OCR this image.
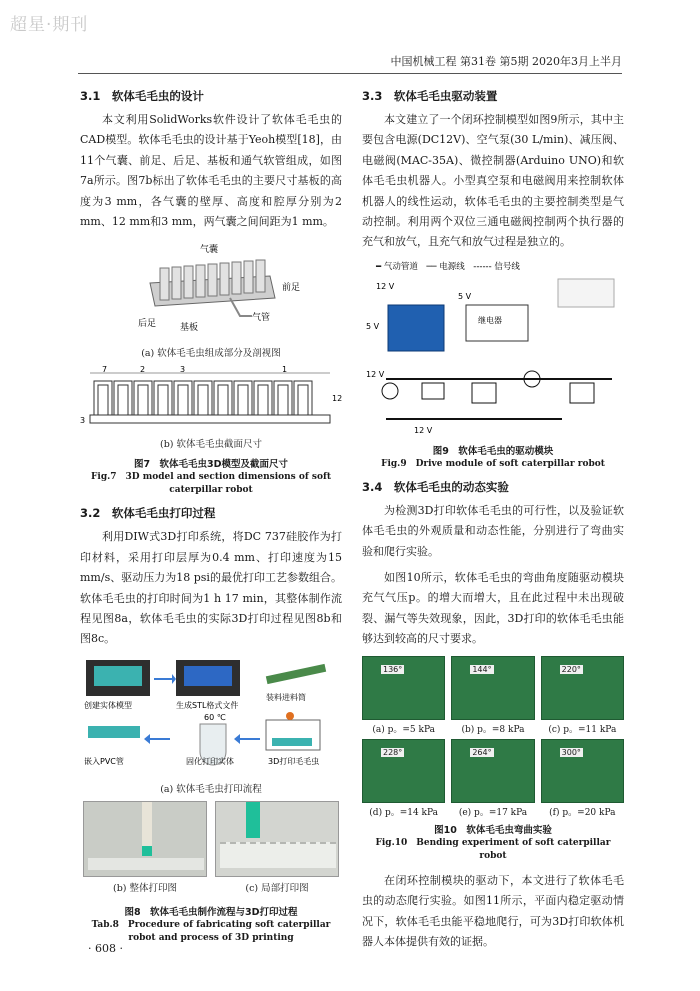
超星·期刊
中国机械工程 第31卷 第5期 2020年3月上半月
3.1　软体毛毛虫的设计

本文利用SolidWorks软件设计了软体毛毛虫的CAD模型。软体毛毛虫的设计基于Yeoh模型[18]，由11个气囊、前足、后足、基板和通气软管组成，如图7a所示。图7b标出了软体毛毛虫的主要尺寸基板的高度为3 mm，各气囊的壁厚、高度和腔厚分别为2 mm、12 mm和3 mm，两气囊之间间距为1 mm。

气囊
前足
后足	基板
气管
(a) 软体毛毛虫组成部分及剖视图
7	2	3	1
12
3
(b) 软体毛毛虫截面尺寸
图7　软体毛毛虫3D模型及截面尺寸
Fig.7　3D model and section dimensions of soft caterpillar robot
3.2　软体毛毛虫打印过程

利用DIW式3D打印系统，将DC 737硅胶作为打印材料，采用打印层厚为0.4 mm、打印速度为15 mm/s、驱动压力为18 psi的最优打印工艺参数组合。软体毛毛虫的打印时间为1 h 17 min，其整体制作流程见图8a，软体毛毛虫的实际3D打印过程见图8b和图8c。

创建实体模型	生成STL格式文件
装料进料筒
60 ℃
嵌入PVC管	固化打印实体	3D打印毛毛虫
(a) 软体毛毛虫打印流程
(b) 整体打印图	(c) 局部打印图
图8　软体毛毛虫制作流程与3D打印过程
Tab.8　Procedure of fabricating soft caterpillar robot and process of 3D printing
3.3　软体毛毛虫驱动装置

本文建立了一个闭环控制模型如图9所示，其中主要包含电源(DC12V)、空气泵(30 L/min)、减压阀、电磁阀(MAC-35A)、微控制器(Arduino UNO)和软体毛毛虫机器人。小型真空泵和电磁阀用来控制软体机器人的线性运动，软体毛毛虫的主要控制类型是气动控制。利用两个双位三通电磁阀控制两个执行器的充气和放气，且充气和放气过程是独立的。

━ 气动管道　── 电源线　------ 信号线
12 V
5 V
12 V
5 V
继电器
12 V
图9　软体毛毛虫的驱动模块
Fig.9　Drive module of soft caterpillar robot
3.4　软体毛毛虫的动态实验

为检测3D打印软体毛毛虫的可行性，以及验证软体毛毛虫的外观质量和动态性能，分别进行了弯曲实验和爬行实验。

如图10所示，软体毛毛虫的弯曲角度随驱动模块充气气压p。的增大而增大，且在此过程中未出现破裂、漏气等失效现象，因此，3D打印的软体毛毛虫能够达到较高的尺寸要求。

136°
(a) p。=5 kPa
144°
(b) p。=8 kPa
220°
(c) p。=11 kPa
228°
(d) p。=14 kPa
264°
(e) p。=17 kPa
300°
(f) p。=20 kPa
图10　软体毛毛虫弯曲实验
Fig.10　Bending experiment of soft caterpillar robot

在闭环控制模块的驱动下，本文进行了软体毛毛虫的动态爬行实验。如图11所示，平面内稳定驱动情况下，软体毛毛虫能平稳地爬行，可为3D打印软体机器人本体提供有效的证据。

· 608 ·
